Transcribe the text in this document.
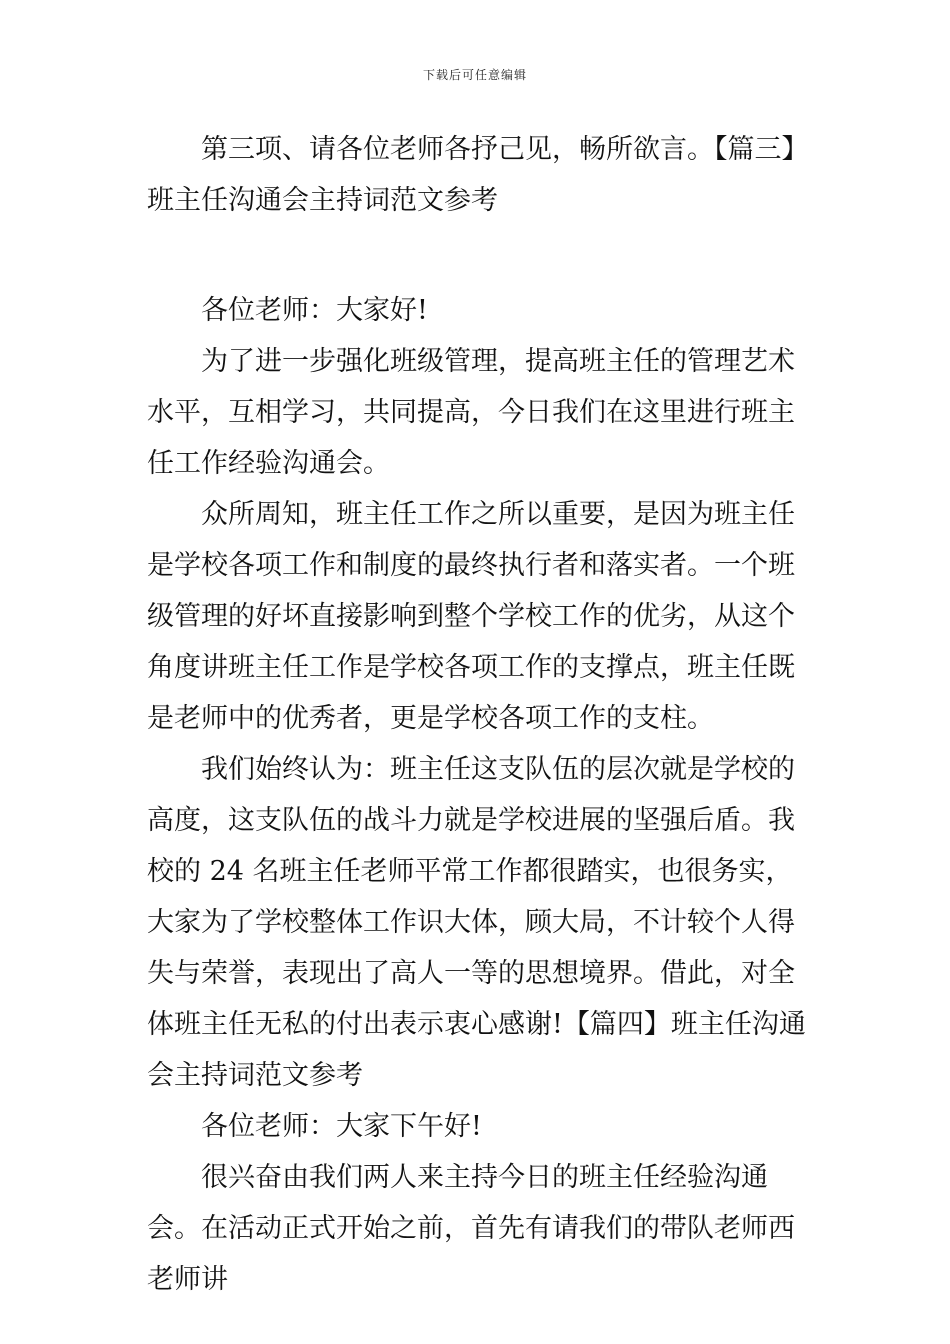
下载后可任意编辑

第三项、请各位老师各抒己见，畅所欲言。【篇三】班主任沟通会主持词范文参考

各位老师：大家好!

为了进一步强化班级管理，提高班主任的管理艺术水平，互相学习，共同提高，今日我们在这里进行班主任工作经验沟通会。

众所周知，班主任工作之所以重要，是因为班主任是学校各项工作和制度的最终执行者和落实者。一个班级管理的好坏直接影响到整个学校工作的优劣，从这个角度讲班主任工作是学校各项工作的支撑点，班主任既是老师中的优秀者，更是学校各项工作的支柱。

我们始终认为：班主任这支队伍的层次就是学校的高度，这支队伍的战斗力就是学校进展的坚强后盾。我校的 24 名班主任老师平常工作都很踏实，也很务实，大家为了学校整体工作识大体，顾大局，不计较个人得失与荣誉，表现出了高人一等的思想境界。借此，对全体班主任无私的付出表示衷心感谢!【篇四】班主任沟通会主持词范文参考

各位老师：大家下午好!

很兴奋由我们两人来主持今日的班主任经验沟通会。在活动正式开始之前，首先有请我们的带队老师西老师讲
